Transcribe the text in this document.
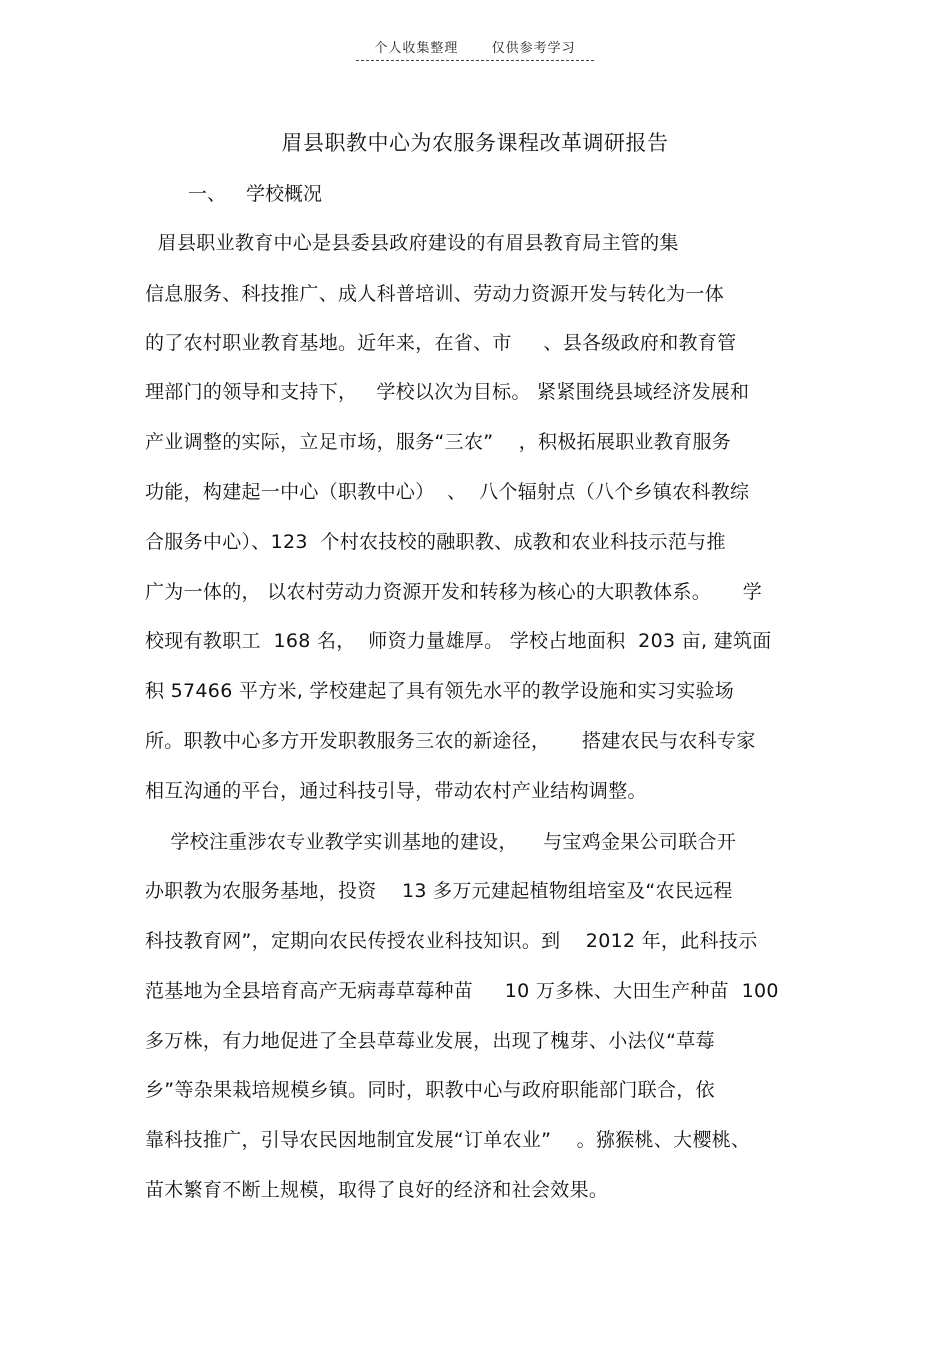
个人收集整理	仅供参考学习
眉县职教中心为农服务课程改革调研报告
一、 学校概况
眉县职业教育中心是县委县政府建设的有眉县教育局主管的集
信息服务、科技推广、成人科普培训、劳动力资源开发与转化为一体
的了农村职业教育基地。近年来，在省、市     、县各级政府和教育管
理部门的领导和支持下，   学校以次为目标。 紧紧围绕县域经济发展和
产业调整的实际，立足市场，服务“三农”    ，积极拓展职业教育服务
功能，构建起一中心（职教中心）  、  八个辐射点（八个乡镇农科教综
合服务中心）、123  个村农技校的融职教、成教和农业科技示范与推
广为一体的， 以农村劳动力资源开发和转移为核心的大职教体系。     学
校现有教职工  168 名，  师资力量雄厚。 学校占地面积  203 亩, 建筑面
积 57466 平方米, 学校建起了具有领先水平的教学设施和实习实验场
所。职教中心多方开发职教服务三农的新途径，     搭建农民与农科专家
相互沟通的平台，通过科技引导，带动农村产业结构调整。
学校注重涉农专业教学实训基地的建设，    与宝鸡金果公司联合开
办职教为农服务基地，投资    13 多万元建起植物组培室及“农民远程
科技教育网”，定期向农民传授农业科技知识。到    2012 年，此科技示
范基地为全县培育高产无病毒草莓种苗     10 万多株、大田生产种苗  100
多万株，有力地促进了全县草莓业发展，出现了槐芽、小法仪“草莓
乡”等杂果栽培规模乡镇。同时，职教中心与政府职能部门联合，依
靠科技推广，引导农民因地制宜发展“订单农业”    。猕猴桃、大樱桃、
苗木繁育不断上规模，取得了良好的经济和社会效果。
